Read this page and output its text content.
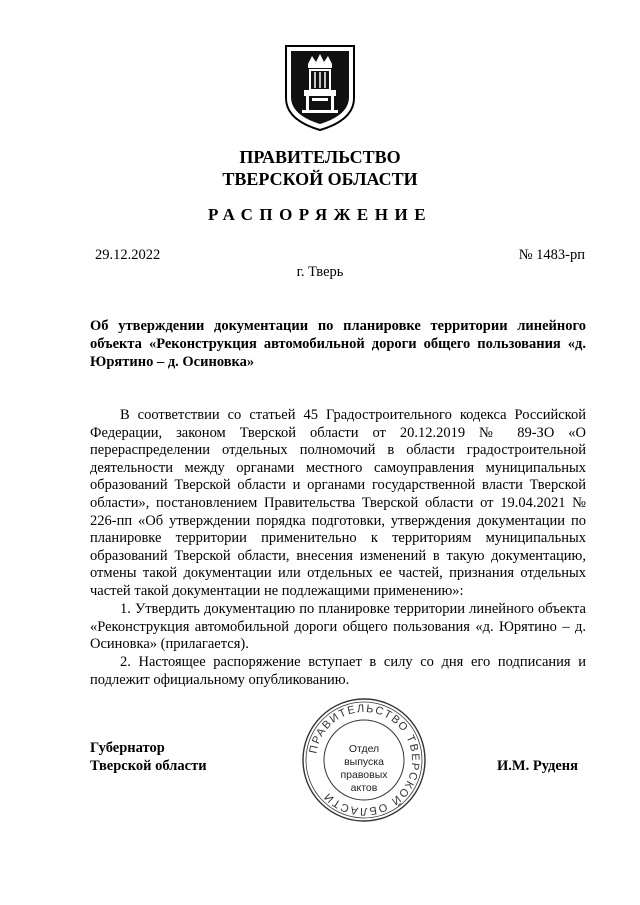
ПРАВИТЕЛЬСТВО
ТВЕРСКОЙ ОБЛАСТИ
РАСПОРЯЖЕНИЕ
29.12.2022	№ 1483-рп
г. Тверь
Об утверждении документации по планировке территории линейного объекта «Реконструкция автомобильной дороги общего пользования «д. Юрятино – д. Осиновка»
В соответствии со статьей 45 Градостроительного кодекса Российской Федерации, законом Тверской области от 20.12.2019 № 89-ЗО «О перераспределении отдельных полномочий в области градостроительной деятельности между органами местного самоуправления муниципальных образований Тверской области и органами государственной власти Тверской области», постановлением Правительства Тверской области от 19.04.2021 № 226-пп «Об утверждении порядка подготовки, утверждения документации по планировке территории применительно к территориям муниципальных образований Тверской области, внесения изменений в такую документацию, отмены такой документации или отдельных ее частей, признания отдельных частей такой документации не подлежащими применению»:
1. Утвердить документацию по планировке территории линейного объекта «Реконструкция автомобильной дороги общего пользования «д. Юрятино – д. Осиновка» (прилагается).
2. Настоящее распоряжение вступает в силу со дня его подписания и подлежит официальному опубликованию.
Губернатор
Тверской области	И.М. Руденя
ПРАВИТЕЛЬСТВО ТВЕРСКОЙ ОБЛАСТИ
Отдел
выпуска
правовых
актов
